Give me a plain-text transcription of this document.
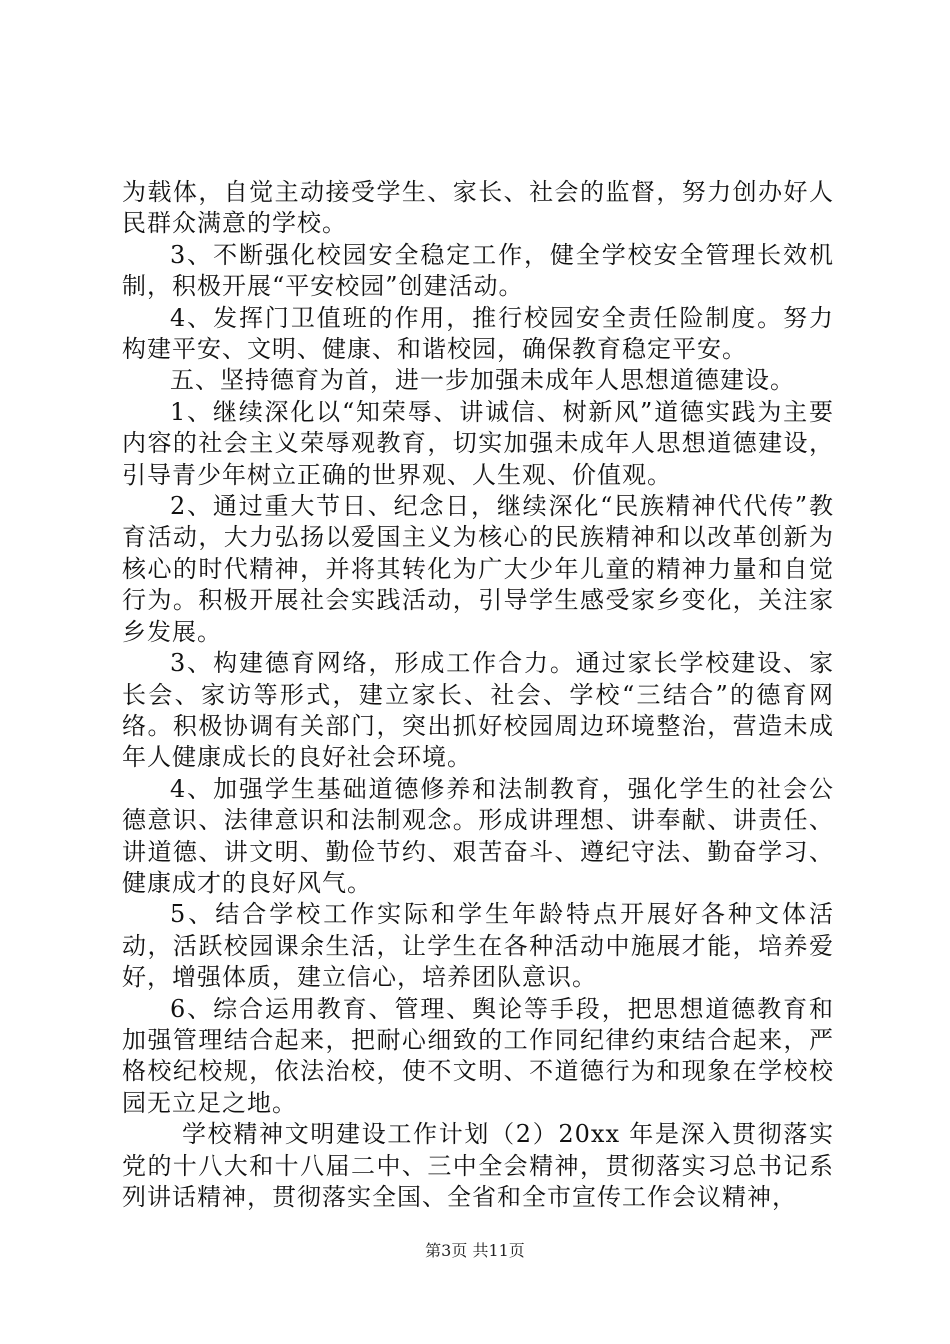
为载体，自觉主动接受学生、家长、社会的监督，努力创办好人民群众满意的学校。

3、不断强化校园安全稳定工作，健全学校安全管理长效机制，积极开展“平安校园”创建活动。

4、发挥门卫值班的作用，推行校园安全责任险制度。努力构建平安、文明、健康、和谐校园，确保教育稳定平安。

五、坚持德育为首，进一步加强未成年人思想道德建设。

1、继续深化以“知荣辱、讲诚信、树新风”道德实践为主要内容的社会主义荣辱观教育，切实加强未成年人思想道德建设，引导青少年树立正确的世界观、人生观、价值观。

2、通过重大节日、纪念日，继续深化“民族精神代代传”教育活动，大力弘扬以爱国主义为核心的民族精神和以改革创新为核心的时代精神，并将其转化为广大少年儿童的精神力量和自觉行为。积极开展社会实践活动，引导学生感受家乡变化，关注家乡发展。

3、构建德育网络，形成工作合力。通过家长学校建设、家长会、家访等形式，建立家长、社会、学校“三结合”的德育网络。积极协调有关部门，突出抓好校园周边环境整治，营造未成年人健康成长的良好社会环境。

4、加强学生基础道德修养和法制教育，强化学生的社会公德意识、法律意识和法制观念。形成讲理想、讲奉献、讲责任、讲道德、讲文明、勤俭节约、艰苦奋斗、遵纪守法、勤奋学习、健康成才的良好风气。

5、结合学校工作实际和学生年龄特点开展好各种文体活动，活跃校园课余生活，让学生在各种活动中施展才能，培养爱好，增强体质，建立信心，培养团队意识。

6、综合运用教育、管理、舆论等手段，把思想道德教育和加强管理结合起来，把耐心细致的工作同纪律约束结合起来，严格校纪校规，依法治校，使不文明、不道德行为和现象在学校校园无立足之地。

学校精神文明建设工作计划（2）20xx 年是深入贯彻落实党的十八大和十八届二中、三中全会精神，贯彻落实习总书记系列讲话精神，贯彻落实全国、全省和全市宣传工作会议精神，

第3页 共11页
